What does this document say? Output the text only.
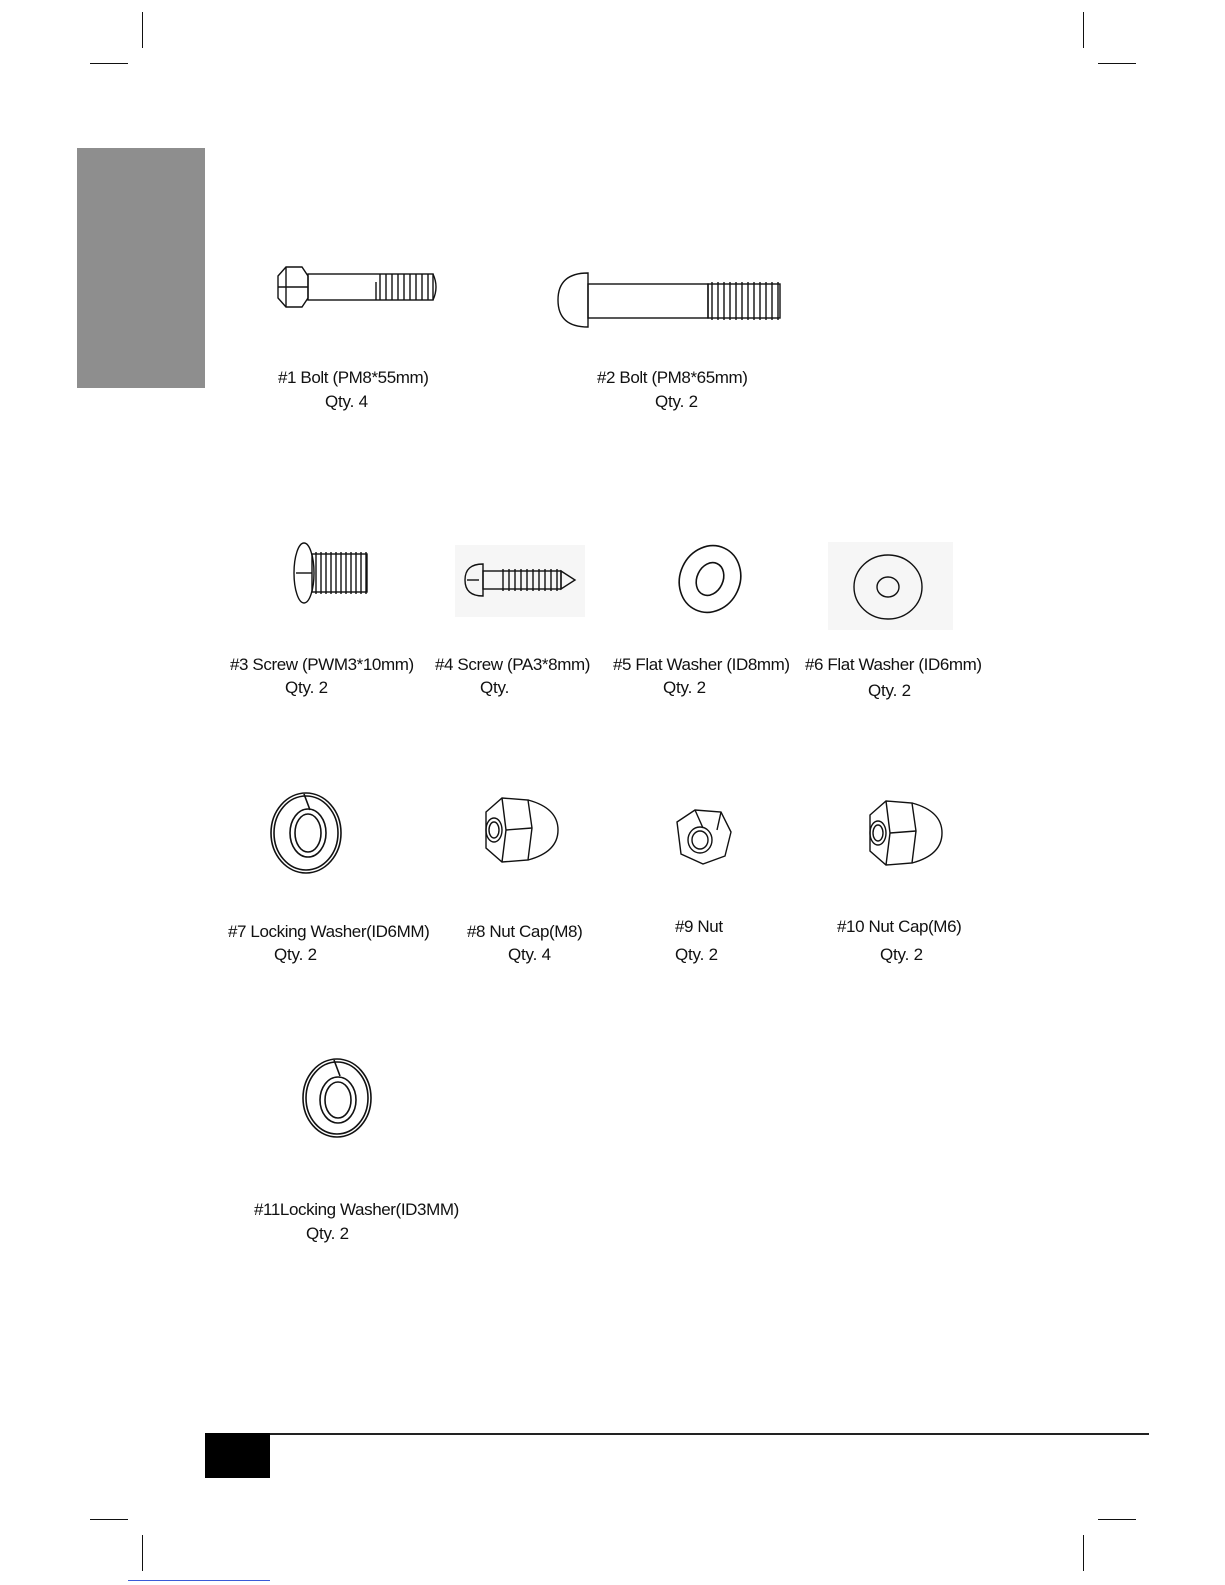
#1 Bolt (PM8*55mm)
Qty. 4
#2 Bolt (PM8*65mm)
Qty. 2
#3 Screw (PWM3*10mm)
Qty. 2
#4 Screw (PA3*8mm)
Qty.
#5 Flat Washer (ID8mm)
Qty. 2
#6 Flat Washer (ID6mm)
Qty. 2
#7 Locking Washer(ID6MM)
Qty. 2
#8 Nut Cap(M8)
Qty. 4
#9 Nut
Qty. 2
#10 Nut Cap(M6)
Qty. 2
#11Locking Washer(ID3MM)
Qty. 2
